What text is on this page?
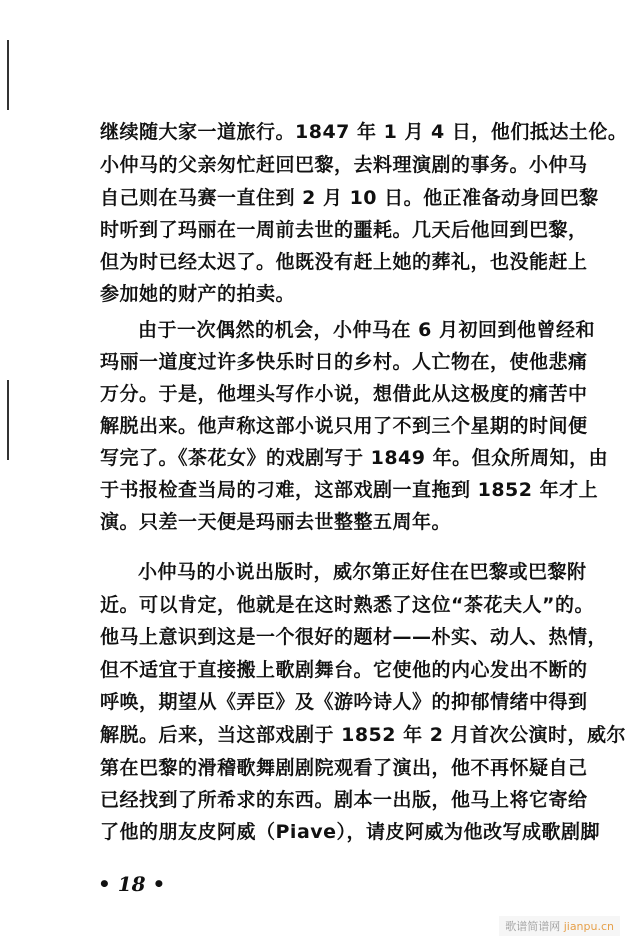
继续随大家一道旅行。1847 年 1 月 4 日，他们抵达土伦。
小仲马的父亲匆忙赶回巴黎，去料理演剧的事务。小仲马
自己则在马赛一直住到 2 月 10 日。他正准备动身回巴黎
时听到了玛丽在一周前去世的噩耗。几天后他回到巴黎，
但为时已经太迟了。他既没有赶上她的葬礼，也没能赶上
参加她的财产的拍卖。
由于一次偶然的机会，小仲马在 6 月初回到他曾经和
玛丽一道度过许多快乐时日的乡村。人亡物在，使他悲痛
万分。于是，他埋头写作小说，想借此从这极度的痛苦中
解脱出来。他声称这部小说只用了不到三个星期的时间便
写完了。《茶花女》的戏剧写于 1849 年。但众所周知，由
于书报检查当局的刁难，这部戏剧一直拖到 1852 年才上
演。只差一天便是玛丽去世整整五周年。
小仲马的小说出版时，威尔第正好住在巴黎或巴黎附
近。可以肯定，他就是在这时熟悉了这位“茶花夫人”的。
他马上意识到这是一个很好的题材——朴实、动人、热情，
但不适宜于直接搬上歌剧舞台。它使他的内心发出不断的
呼唤，期望从《弄臣》及《游吟诗人》的抑郁情绪中得到
解脱。后来，当这部戏剧于 1852 年 2 月首次公演时，威尔
第在巴黎的滑稽歌舞剧剧院观看了演出，他不再怀疑自己
已经找到了所希求的东西。剧本一出版，他马上将它寄给
了他的朋友皮阿威（Piave），请皮阿威为他改写成歌剧脚
• 18 •
歌谱简谱网 jianpu.cn
